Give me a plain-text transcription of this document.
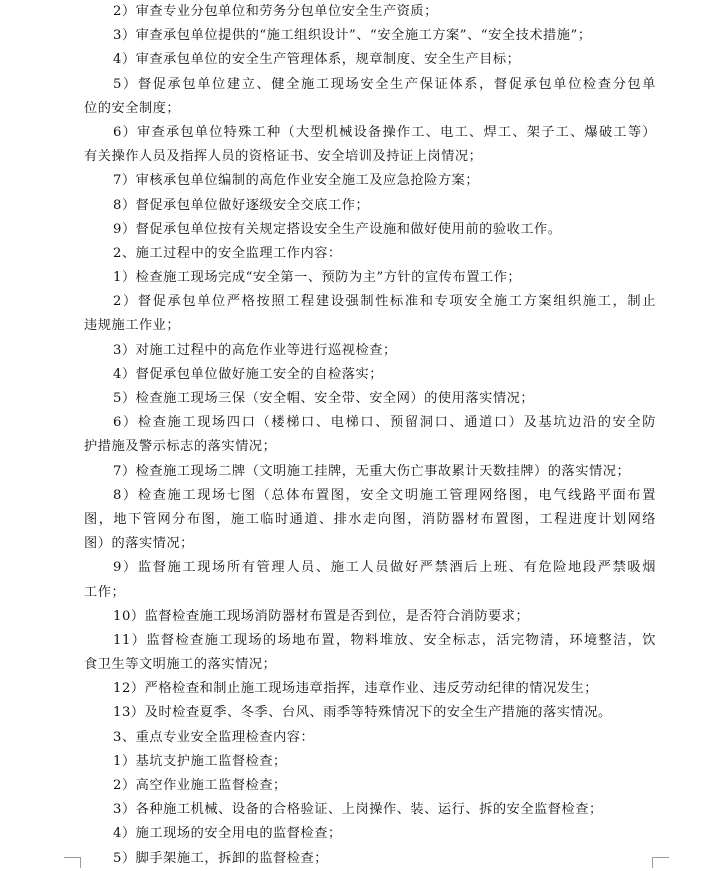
2）审查专业分包单位和劳务分包单位安全生产资质；
3）审查承包单位提供的“施工组织设计”、“安全施工方案”、“安全技术措施”；
4）审查承包单位的安全生产管理体系，规章制度、安全生产目标；
5）督促承包单位建立、健全施工现场安全生产保证体系，督促承包单位检查分包单
位的安全制度；
6）审查承包单位特殊工种（大型机械设备操作工、电工、焊工、架子工、爆破工等）
有关操作人员及指挥人员的资格证书、安全培训及持证上岗情况；
7）审核承包单位编制的高危作业安全施工及应急抢险方案；
8）督促承包单位做好逐级安全交底工作；
9）督促承包单位按有关规定搭设安全生产设施和做好使用前的验收工作。
2、施工过程中的安全监理工作内容：
1）检查施工现场完成“安全第一、预防为主”方针的宣传布置工作；
2）督促承包单位严格按照工程建设强制性标准和专项安全施工方案组织施工，制止
违规施工作业；
3）对施工过程中的高危作业等进行巡视检查；
4）督促承包单位做好施工安全的自检落实；
5）检查施工现场三保（安全帽、安全带、安全网）的使用落实情况；
6）检查施工现场四口（楼梯口、电梯口、预留洞口、通道口）及基坑边沿的安全防
护措施及警示标志的落实情况；
7）检查施工现场二牌（文明施工挂牌，无重大伤亡事故累计天数挂牌）的落实情况；
8）检查施工现场七图（总体布置图，安全文明施工管理网络图，电气线路平面布置
图，地下管网分布图，施工临时通道、排水走向图，消防器材布置图，工程进度计划网络
图）的落实情况；
9）监督施工现场所有管理人员、施工人员做好严禁酒后上班、有危险地段严禁吸烟
工作；
10）监督检查施工现场消防器材布置是否到位，是否符合消防要求；
11）监督检查施工现场的场地布置，物料堆放、安全标志，活完物清，环境整洁，饮
食卫生等文明施工的落实情况；
12）严格检查和制止施工现场违章指挥，违章作业、违反劳动纪律的情况发生；
13）及时检查夏季、冬季、台风、雨季等特殊情况下的安全生产措施的落实情况。
3、重点专业安全监理检查内容：
1）基坑支护施工监督检查；
2）高空作业施工监督检查；
3）各种施工机械、设备的合格验证、上岗操作、装、运行、拆的安全监督检查；
4）施工现场的安全用电的监督检查；
5）脚手架施工，拆卸的监督检查；
